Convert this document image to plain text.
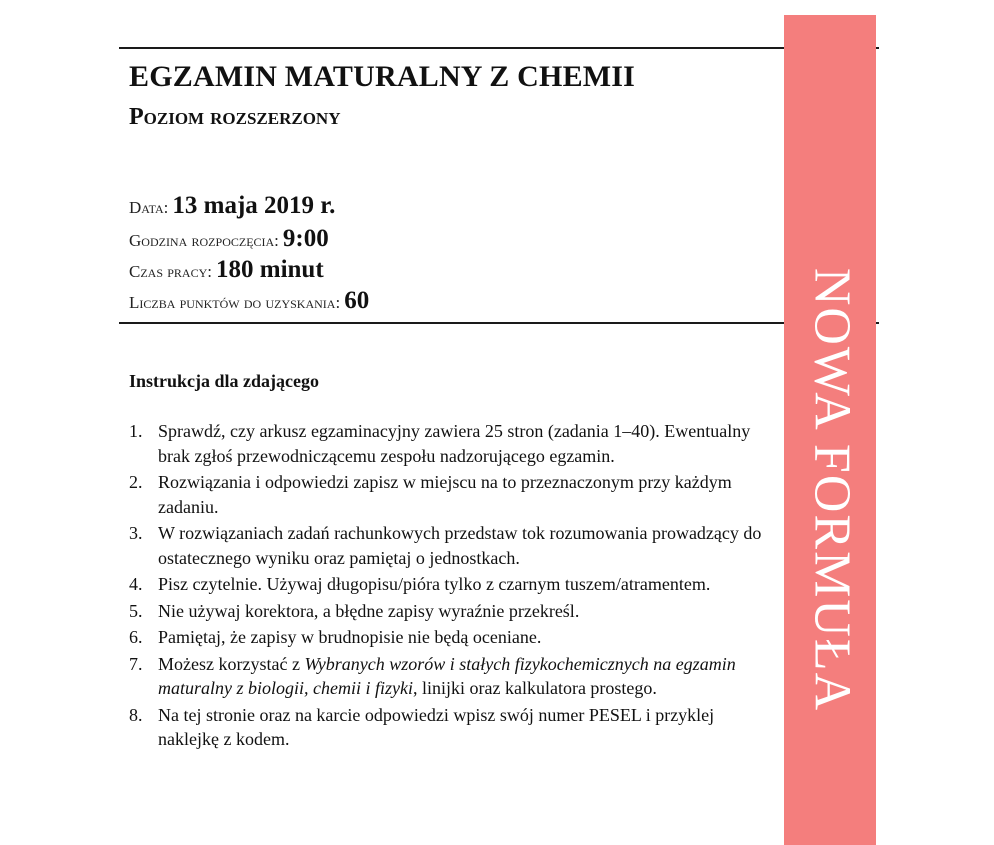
NOWA FORMUŁA
EGZAMIN MATURALNY Z CHEMII
Poziom rozszerzony
Data: 13 maja 2019 r.
Godzina rozpoczęcia: 9:00
Czas pracy: 180 minut
Liczba punktów do uzyskania: 60
Instrukcja dla zdającego
1. Sprawdź, czy arkusz egzaminacyjny zawiera 25 stron (zadania 1–40). Ewentualny brak zgłoś przewodniczącemu zespołu nadzorującego egzamin.
2. Rozwiązania i odpowiedzi zapisz w miejscu na to przeznaczonym przy każdym zadaniu.
3. W rozwiązaniach zadań rachunkowych przedstaw tok rozumowania prowadzący do ostatecznego wyniku oraz pamiętaj o jednostkach.
4. Pisz czytelnie. Używaj długopisu/pióra tylko z czarnym tuszem/atramentem.
5. Nie używaj korektora, a błędne zapisy wyraźnie przekreśl.
6. Pamiętaj, że zapisy w brudnopisie nie będą oceniane.
7. Możesz korzystać z Wybranych wzorów i stałych fizykochemicznych na egzamin maturalny z biologii, chemii i fizyki, linijki oraz kalkulatora prostego.
8. Na tej stronie oraz na karcie odpowiedzi wpisz swój numer PESEL i przyklej naklejkę z kodem.
